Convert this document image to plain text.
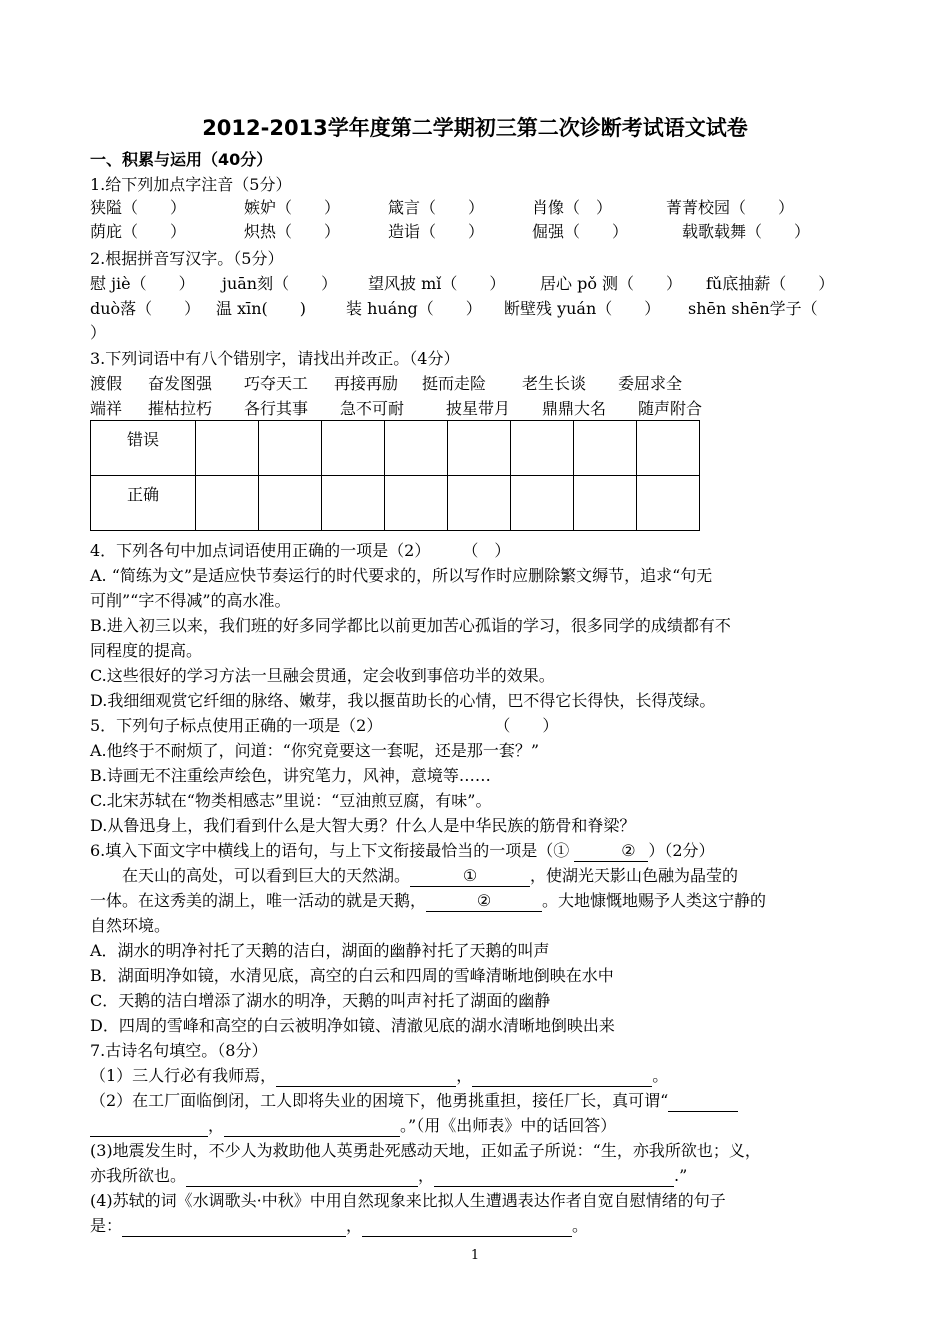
2012-2013学年度第二学期初三第二次诊断考试语文试卷
一、积累与运用（40分）
1.给下列加点字注音（5分）
狭隘（　　）	嫉妒（　　）	箴言（　　）	肖像（　）	菁菁校园（　　）
荫庇（　　）	炽热（　　）	造诣（　　）	倔强（　　）	载歌载舞（　　）
2.根据拼音写汉字。（5分）
慰 jiè（　　） juān刻（　　） 望风披 mǐ（　　） 居心 pǒ 测（　　） fǔ底抽薪（　　）
duò落（　　） 温 xīn(　　) 装 huáng（　　） 断壁残 yuán（　　） shēn shēn学子（
）
3.下列词语中有八个错别字，请找出并改正。（4分）
渡假 奋发图强 巧夺天工 再接再励 挺而走险 老生长谈 委屈求全
端祥 摧枯拉朽 各行其事 急不可耐	披星带月 鼎鼎大名 随声附合
错误								
正确								
4．下列各句中加点词语使用正确的一项是（2）　　　（　）
A. “简练为文”是适应快节奏运行的时代要求的，所以写作时应删除繁文缛节，追求“句无
可削”“字不得减”的高水准。
B.进入初三以来，我们班的好多同学都比以前更加苦心孤诣的学习，很多同学的成绩都有不
同程度的提高。
C.这些很好的学习方法一旦融会贯通，定会收到事倍功半的效果。
D.我细细观赏它纤细的脉络、嫩芽，我以揠苗助长的心情，巴不得它长得快，长得茂绿。
5．下列句子标点使用正确的一项是（2）　　　　　　　　（　　）
A.他终于不耐烦了，问道：“你究竟要这一套呢，还是那一套？”
B.诗画无不注重绘声绘色，讲究笔力，风神，意境等……
C.北宋苏轼在“物类相感志”里说：“豆油煎豆腐，有味”。
D.从鲁迅身上，我们看到什么是大智大勇？什么人是中华民族的筋骨和脊梁？
6.填入下面文字中横线上的语句，与上下文衔接最恰当的一项是（①	② ）（2分）
　　在天山的高处，可以看到巨大的天然湖。	①	，使湖光天影山色融为晶莹的
一体。在这秀美的湖上，唯一活动的就是天鹅，	②	。大地慷慨地赐予人类这宁静的
自然环境。
A．湖水的明净衬托了天鹅的洁白，湖面的幽静衬托了天鹅的叫声
B．湖面明净如镜，水清见底，高空的白云和四周的雪峰清晰地倒映在水中
C．天鹅的洁白增添了湖水的明净，天鹅的叫声衬托了湖面的幽静
D．四周的雪峰和高空的白云被明净如镜、清澈见底的湖水清晰地倒映出来
7.古诗名句填空。（8分）
（1）三人行必有我师焉，	，	。
（2）在工厂面临倒闭，工人即将失业的困境下，他勇挑重担，接任厂长，真可谓“
，	。”（用《出师表》中的话回答）
(3)地震发生时，不少人为救助他人英勇赴死感动天地，正如孟子所说：“生，亦我所欲也；义，
亦我所欲也。	，	.”
(4)苏轼的词《水调歌头·中秋》中用自然现象来比拟人生遭遇表达作者自宽自慰情绪的句子
是：	，	。
1
